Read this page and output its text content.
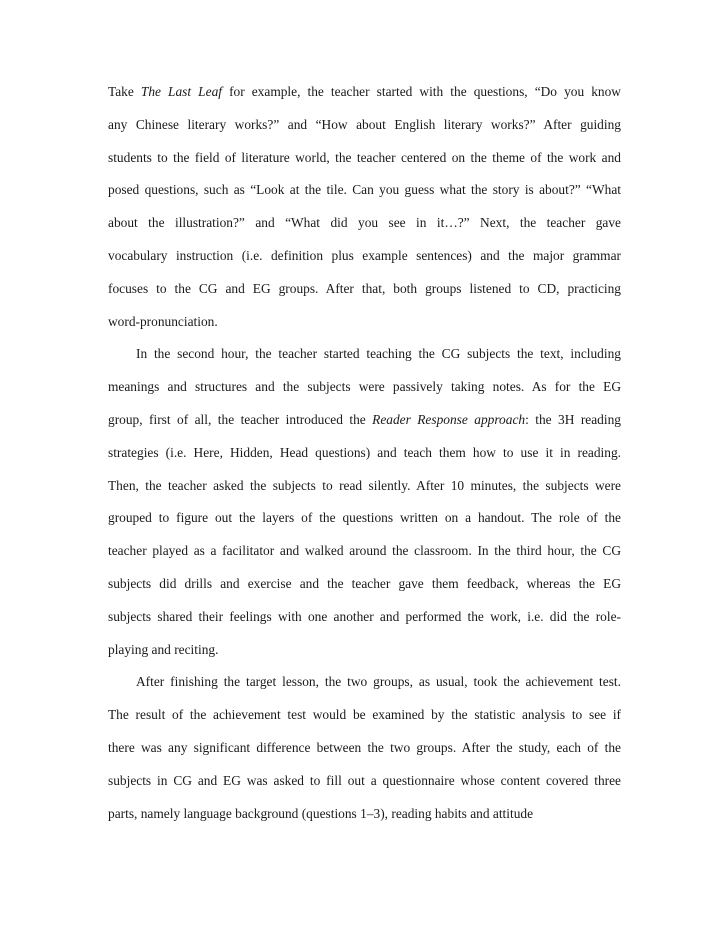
Take The Last Leaf for example, the teacher started with the questions, “Do you know
any Chinese literary works?” and “How about English literary works?” After guiding
students to the field of literature world, the teacher centered on the theme of the work and
posed questions, such as “Look at the tile. Can you guess what the story is about?” “What
about the illustration?” and “What did you see in it…?” Next, the teacher gave
vocabulary instruction (i.e. definition plus example sentences) and the major grammar
focuses to the CG and EG groups. After that, both groups listened to CD, practicing
word-pronunciation.
In the second hour, the teacher started teaching the CG subjects the text, including
meanings and structures and the subjects were passively taking notes. As for the EG
group, first of all, the teacher introduced the Reader Response approach: the 3H reading
strategies (i.e. Here, Hidden, Head questions) and teach them how to use it in reading.
Then, the teacher asked the subjects to read silently. After 10 minutes, the subjects were
grouped to figure out the layers of the questions written on a handout. The role of the
teacher played as a facilitator and walked around the classroom. In the third hour, the CG
subjects did drills and exercise and the teacher gave them feedback, whereas the EG
subjects shared their feelings with one another and performed the work, i.e. did the role-
playing and reciting.
After finishing the target lesson, the two groups, as usual, took the achievement test.
The result of the achievement test would be examined by the statistic analysis to see if
there was any significant difference between the two groups. After the study, each of the
subjects in CG and EG was asked to fill out a questionnaire whose content covered three
parts, namely language background (questions 1–3), reading habits and attitude
